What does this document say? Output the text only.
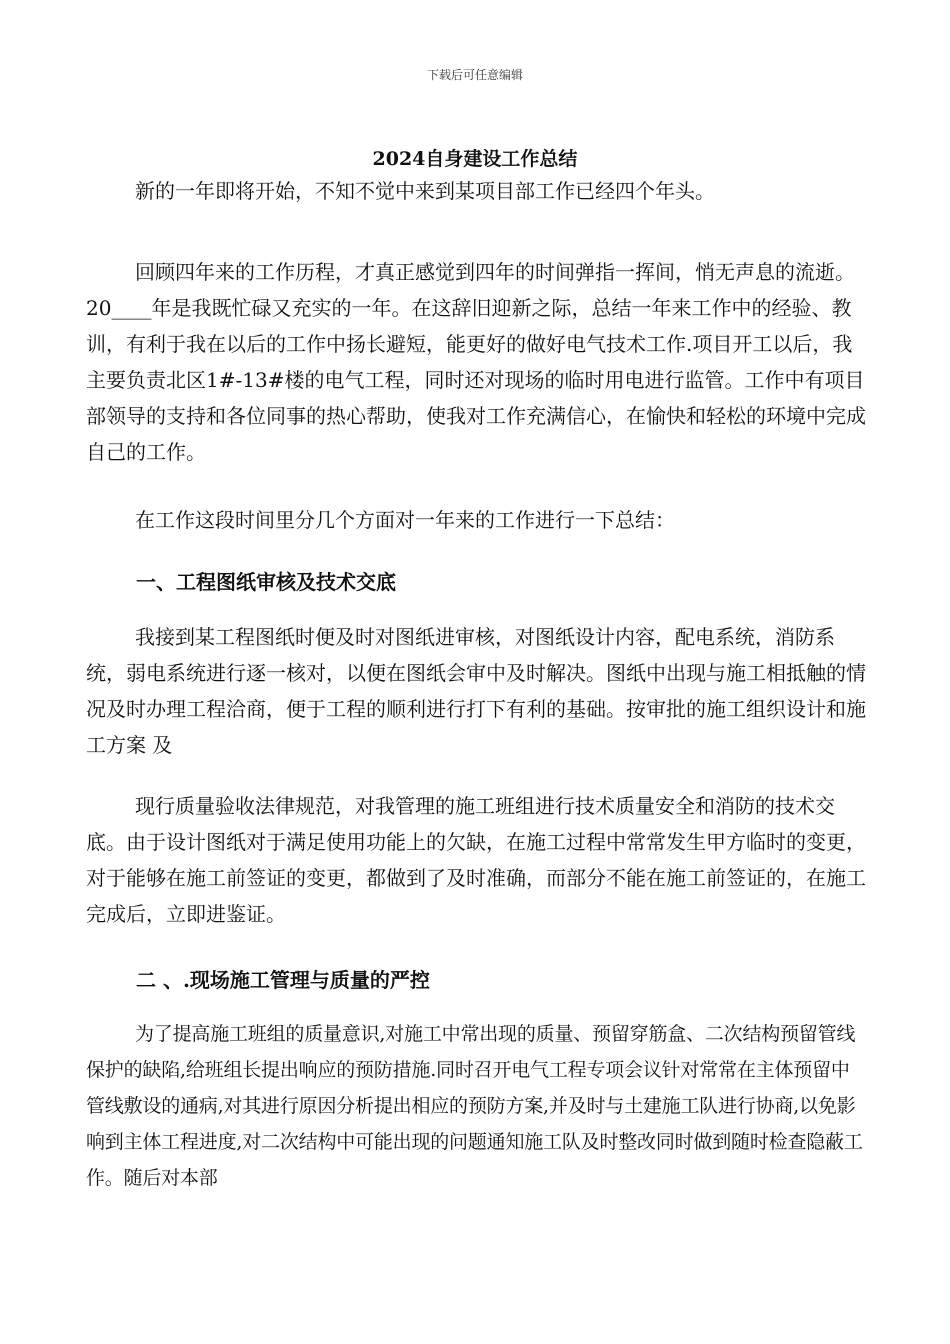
下载后可任意编辑
2024自身建设工作总结

新的一年即将开始，不知不觉中来到某项目部工作已经四个年头。

回顾四年来的工作历程，才真正感觉到四年的时间弹指一挥间，悄无声息的流逝。20____年是我既忙碌又充实的一年。在这辞旧迎新之际，总结一年来工作中的经验、教训，有利于我在以后的工作中扬长避短，能更好的做好电气技术工作.项目开工以后，我主要负责北区1#-13#楼的电气工程，同时还对现场的临时用电进行监管。工作中有项目部领导的支持和各位同事的热心帮助，使我对工作充满信心，在愉快和轻松的环境中完成自己的工作。

在工作这段时间里分几个方面对一年来的工作进行一下总结：

一、工程图纸审核及技术交底

我接到某工程图纸时便及时对图纸进审核，对图纸设计内容，配电系统，消防系统，弱电系统进行逐一核对，以便在图纸会审中及时解决。图纸中出现与施工相抵触的情况及时办理工程洽商，便于工程的顺利进行打下有利的基础。按审批的施工组织设计和施工方案 及

现行质量验收法律规范，对我管理的施工班组进行技术质量安全和消防的技术交底。由于设计图纸对于满足使用功能上的欠缺，在施工过程中常常发生甲方临时的变更，对于能够在施工前签证的变更，都做到了及时准确，而部分不能在施工前签证的，在施工完成后，立即进鉴证。

二 、.现场施工管理与质量的严控

为了提高施工班组的质量意识,对施工中常出现的质量、预留穿筋盒、二次结构预留管线保护的缺陷,给班组长提出响应的预防措施.同时召开电气工程专项会议针对常常在主体预留中管线敷设的通病,对其进行原因分析提出相应的预防方案,并及时与土建施工队进行协商,以免影响到主体工程进度,对二次结构中可能出现的问题通知施工队及时整改同时做到随时检查隐蔽工作。随后对本部
